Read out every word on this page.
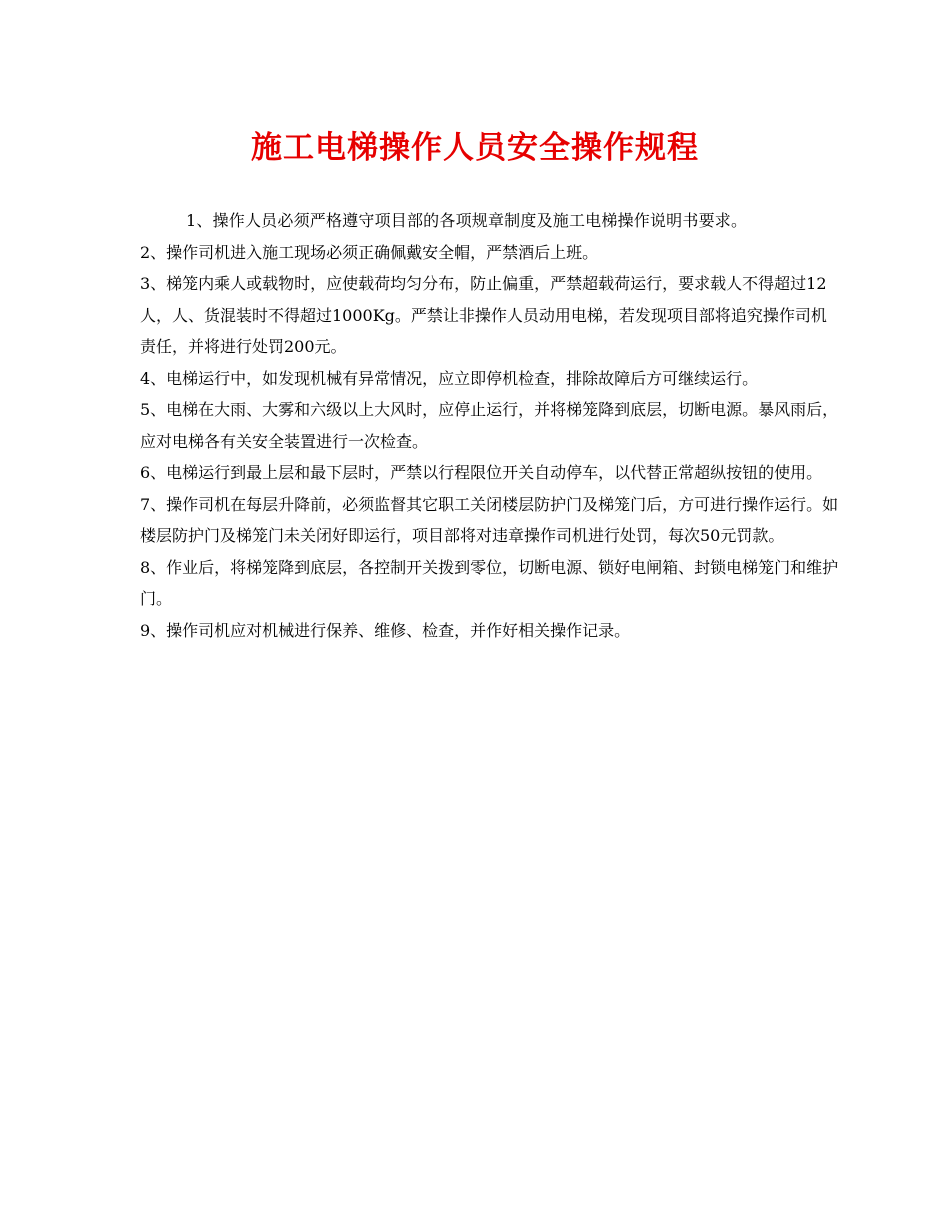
施工电梯操作人员安全操作规程

1、操作人员必须严格遵守项目部的各项规章制度及施工电梯操作说明书要求。

2、操作司机进入施工现场必须正确佩戴安全帽，严禁酒后上班。

3、梯笼内乘人或载物时，应使载荷均匀分布，防止偏重，严禁超载荷运行，要求载人不得超过12人，人、货混装时不得超过1000Kg。严禁让非操作人员动用电梯，若发现项目部将追究操作司机责任，并将进行处罚200元。

4、电梯运行中，如发现机械有异常情况，应立即停机检查，排除故障后方可继续运行。

5、电梯在大雨、大雾和六级以上大风时，应停止运行，并将梯笼降到底层，切断电源。暴风雨后，应对电梯各有关安全装置进行一次检查。

6、电梯运行到最上层和最下层时，严禁以行程限位开关自动停车，以代替正常超纵按钮的使用。

7、操作司机在每层升降前，必须监督其它职工关闭楼层防护门及梯笼门后，方可进行操作运行。如楼层防护门及梯笼门未关闭好即运行，项目部将对违章操作司机进行处罚，每次50元罚款。

8、作业后，将梯笼降到底层，各控制开关拨到零位，切断电源、锁好电闸箱、封锁电梯笼门和维护门。

9、操作司机应对机械进行保养、维修、检查，并作好相关操作记录。
